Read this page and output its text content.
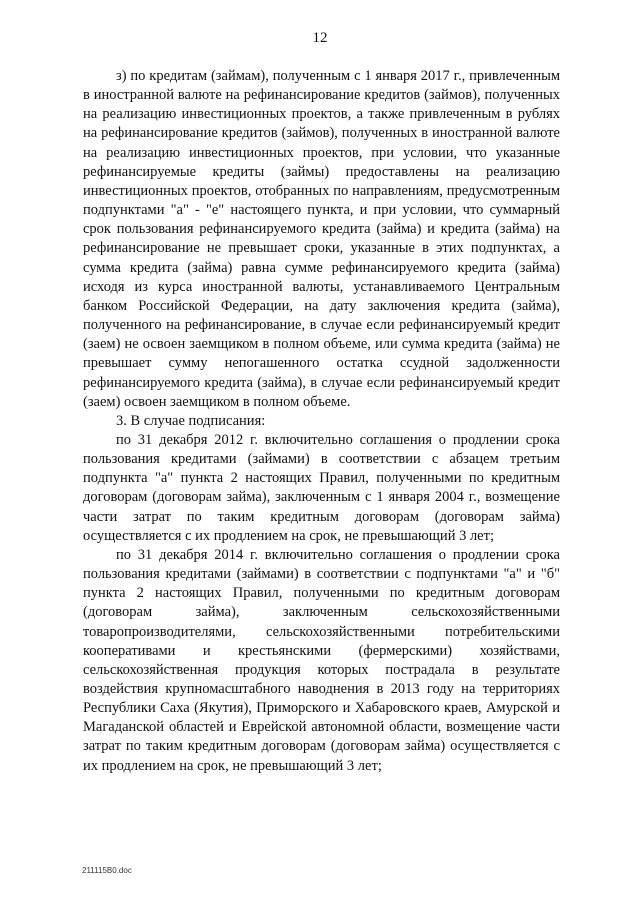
12

з) по кредитам (займам), полученным с 1 января 2017 г., привлеченным в иностранной валюте на рефинансирование кредитов (займов), полученных на реализацию инвестиционных проектов, а также привлеченным в рублях на рефинансирование кредитов (займов), полученных в иностранной валюте на реализацию инвестиционных проектов, при условии, что указанные рефинансируемые кредиты (займы) предоставлены на реализацию инвестиционных проектов, отобранных по направлениям, предусмотренным подпунктами "а" - "е" настоящего пункта, и при условии, что суммарный срок пользования рефинансируемого кредита (займа) и кредита (займа) на рефинансирование не превышает сроки, указанные в этих подпунктах, а сумма кредита (займа) равна сумме рефинансируемого кредита (займа) исходя из курса иностранной валюты, устанавливаемого Центральным банком Российской Федерации, на дату заключения кредита (займа), полученного на рефинансирование, в случае если рефинансируемый кредит (заем) не освоен заемщиком в полном объеме, или сумма кредита (займа) не превышает сумму непогашенного остатка ссудной задолженности рефинансируемого кредита (займа), в случае если рефинансируемый кредит (заем) освоен заемщиком в полном объеме.

3. В случае подписания:

по 31 декабря 2012 г. включительно соглашения о продлении срока пользования кредитами (займами) в соответствии с абзацем третьим подпункта "а" пункта 2 настоящих Правил, полученными по кредитным договорам (договорам займа), заключенным с 1 января 2004 г., возмещение части затрат по таким кредитным договорам (договорам займа) осуществляется с их продлением на срок, не превышающий 3 лет;

по 31 декабря 2014 г. включительно соглашения о продлении срока пользования кредитами (займами) в соответствии с подпунктами "а" и "б" пункта 2 настоящих Правил, полученными по кредитным договорам (договорам займа), заключенным сельскохозяйственными товаропроизводителями, сельскохозяйственными потребительскими кооперативами и крестьянскими (фермерскими) хозяйствами, сельскохозяйственная продукция которых пострадала в результате воздействия крупномасштабного наводнения в 2013 году на территориях Республики Саха (Якутия), Приморского и Хабаровского краев, Амурской и Магаданской областей и Еврейской автономной области, возмещение части затрат по таким кредитным договорам (договорам займа) осуществляется с их продлением на срок, не превышающий 3 лет;

211115В0.doc
